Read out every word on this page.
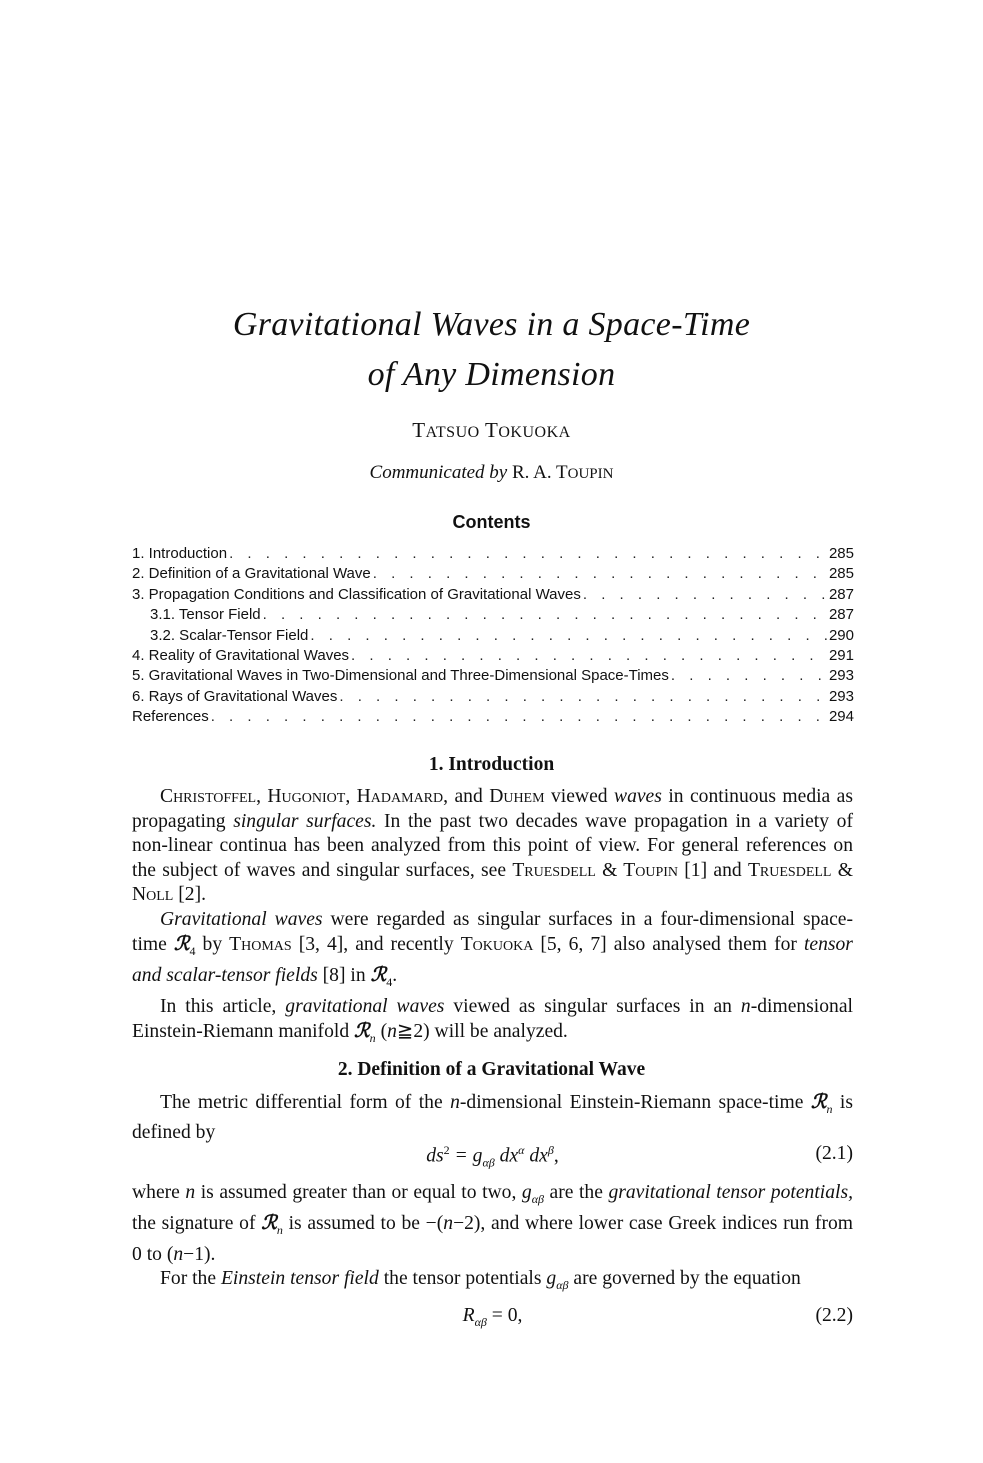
Gravitational Waves in a Space-Time
of Any Dimension
TATSUO TOKUOKA
Communicated by R. A. TOUPIN
Contents
1. Introduction . . .	285
2. Definition of a Gravitational Wave . . .	285
3. Propagation Conditions and Classification of Gravitational Waves . . .	287
3.1. Tensor Field . . .	287
3.2. Scalar-Tensor Field . . .	290
4. Reality of Gravitational Waves . . .	291
5. Gravitational Waves in Two-Dimensional and Three-Dimensional Space-Times . . .	293
6. Rays of Gravitational Waves . . .	293
References . . .	294
1. Introduction

Christoffel, Hugoniot, Hadamard, and Duhem viewed waves in continuous media as propagating singular surfaces. In the past two decades wave propagation in a variety of non-linear continua has been analyzed from this point of view. For general references on the subject of waves and singular surfaces, see Truesdell & Toupin [1] and Truesdell & Noll [2].

Gravitational waves were regarded as singular surfaces in a four-dimensional space-time ℛ$_4$ by Thomas [3, 4], and recently Tokuoka [5, 6, 7] also analysed them for tensor and scalar-tensor fields [8] in ℛ$_4$.

In this article, gravitational waves viewed as singular surfaces in an n-dimensional Einstein-Riemann manifold ℛ$_n$ (n≧2) will be analyzed.

2. Definition of a Gravitational Wave

The metric differential form of the n-dimensional Einstein-Riemann space-time ℛ$_n$ is defined by

$ds^2 = g_{\alpha\beta}$ $dx^\alpha$ $dx^\beta$,	(2.1)

where n is assumed greater than or equal to two, $g_{\alpha\beta}$ are the gravitational tensor potentials, the signature of ℛ$_n$ is assumed to be −(n−2), and where lower case Greek indices run from 0 to (n−1).

For the Einstein tensor field the tensor potentials $g_{\alpha\beta}$ are governed by the equation

$R_{\alpha\beta} = 0$,	(2.2)
